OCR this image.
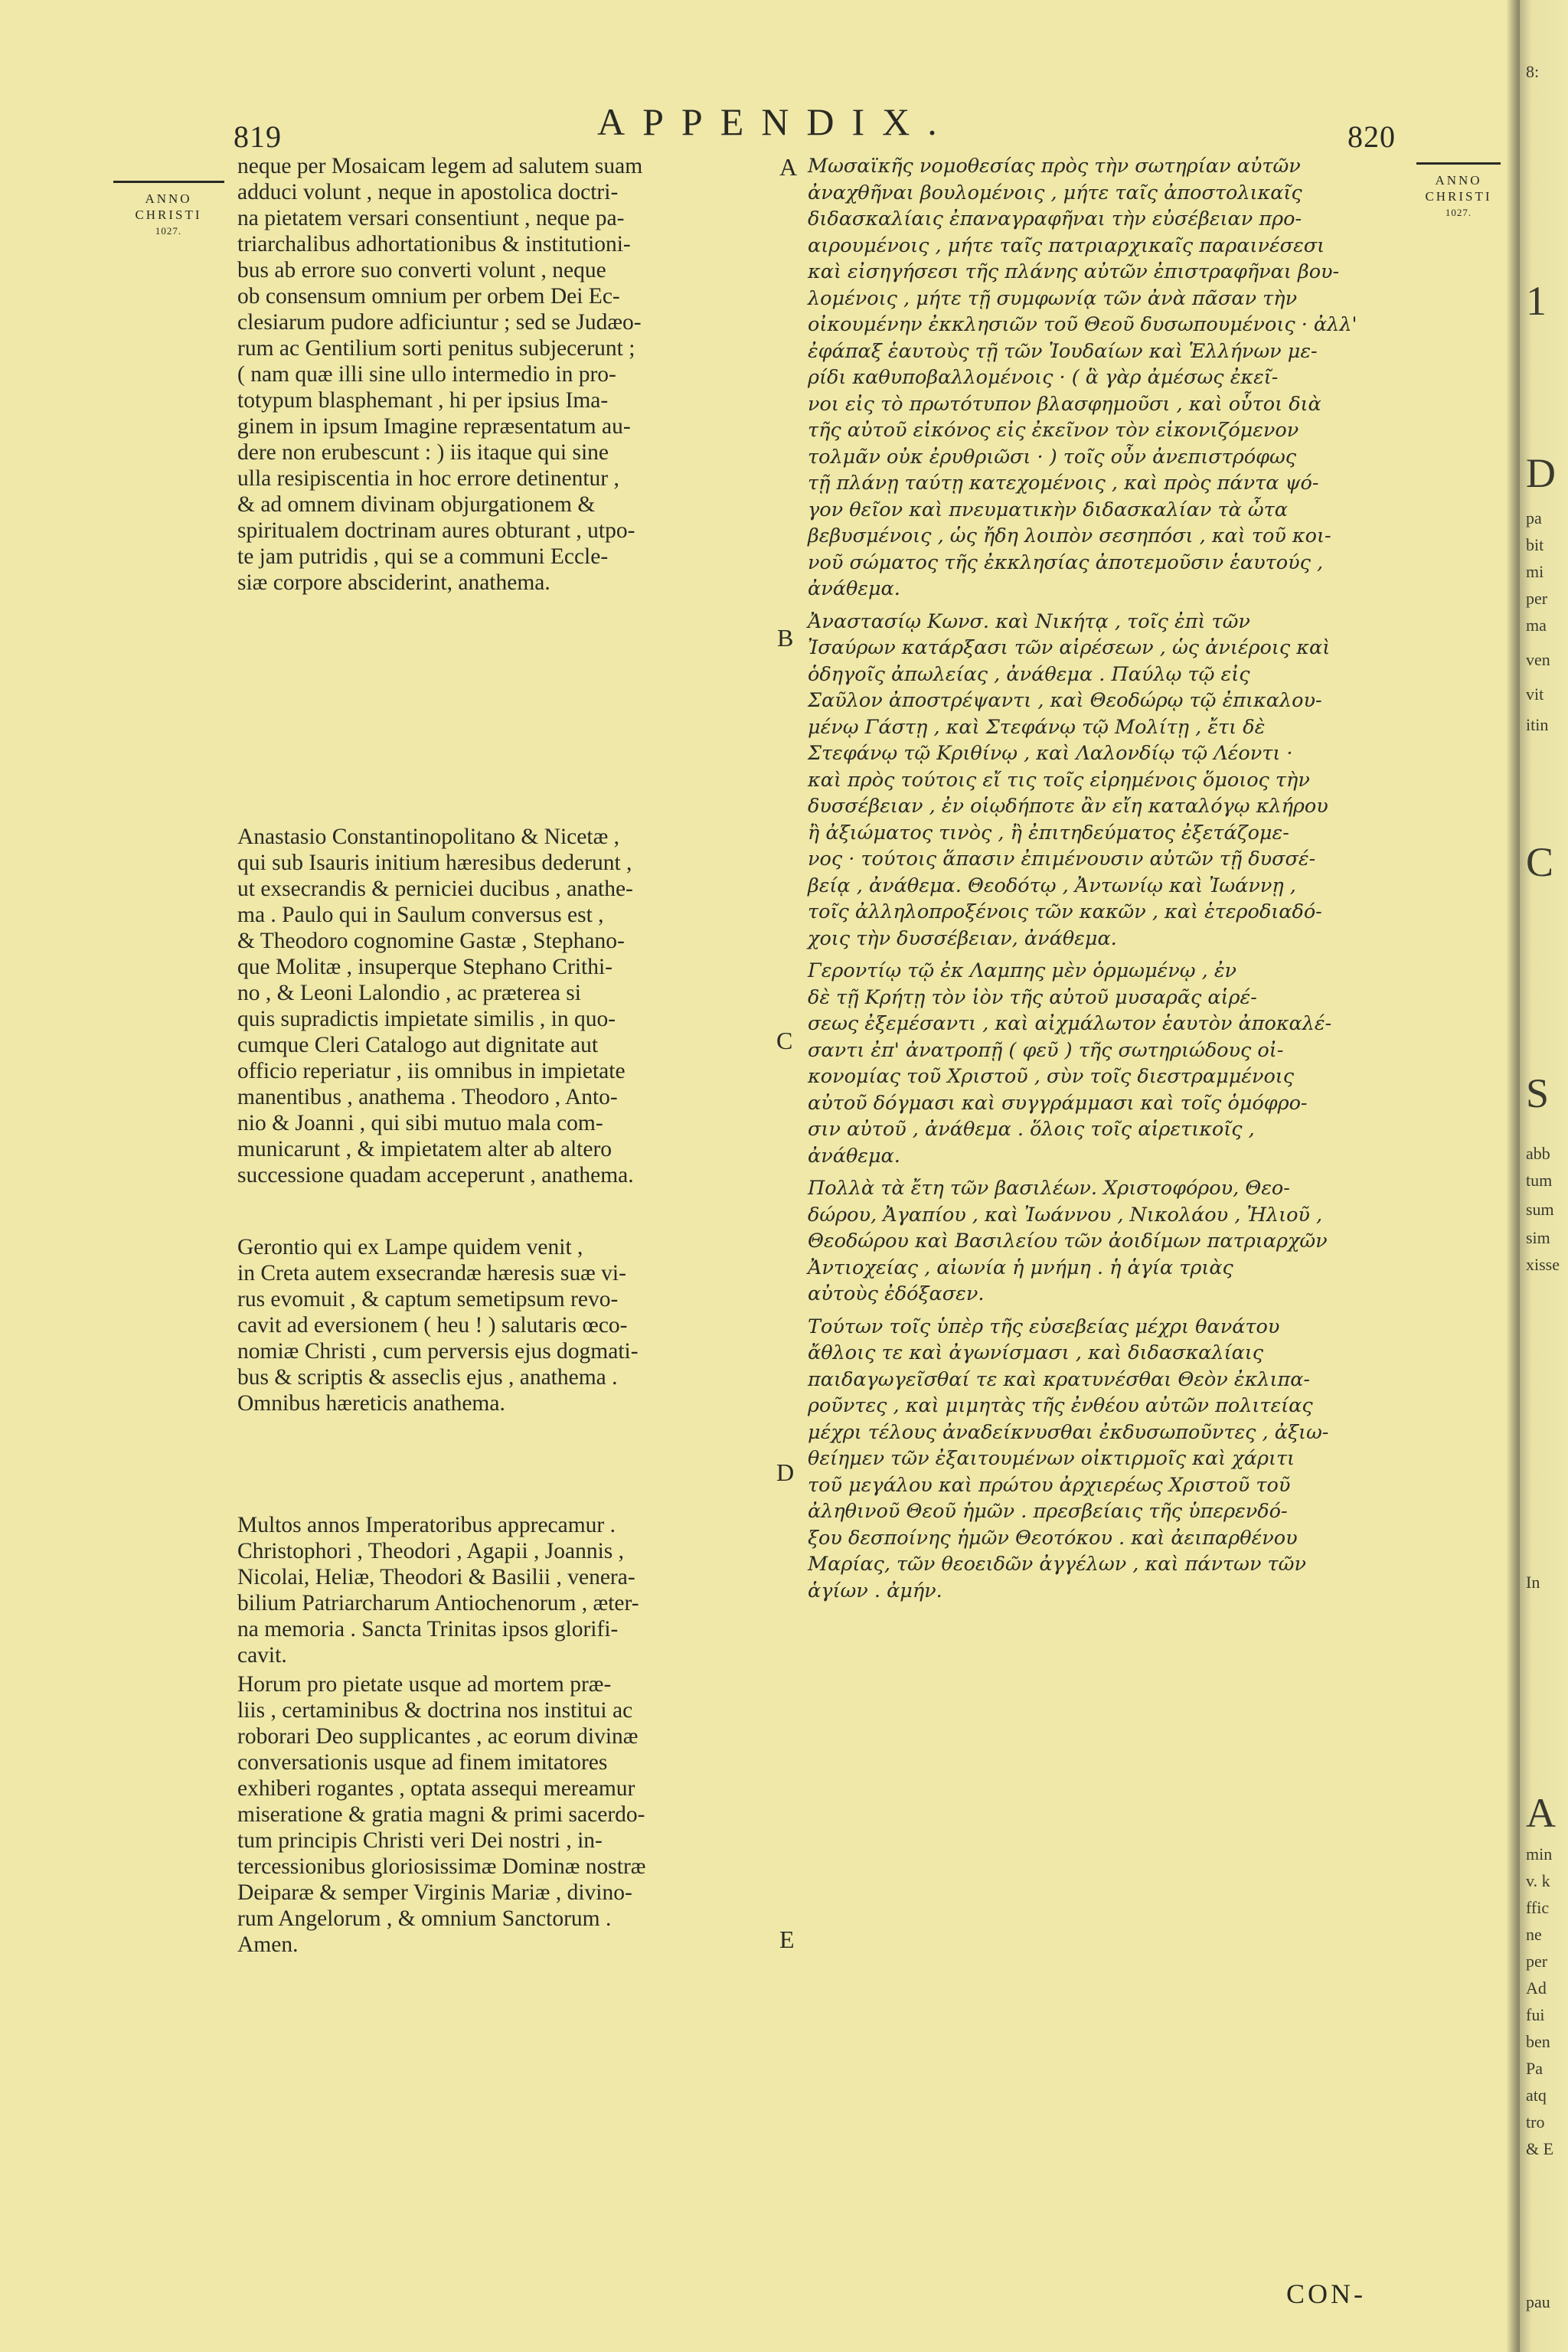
8:
1
D
pa
bit
mi
per
ma
ven
vit
itin
C
S
abb
tum
sum
sim
xisse
In
A
min
v. k
ffic
ne
per
Ad
fui
ben
Pa
atq
tro
& E
pau
819	APPENDIX.	820
ANNO
CHRISTI
1027.
ANNO
CHRISTI
1027.
A
B
C
D
E
neque per Mosaicam legem ad salutem suam
adduci volunt , neque in apostolica doctri-
na pietatem versari consentiunt , neque pa-
triarchalibus adhortationibus & institutioni-
bus ab errore suo converti volunt , neque
ob consensum omnium per orbem Dei Ec-
clesiarum pudore adficiuntur ; sed se Judæo-
rum ac Gentilium sorti penitus subjecerunt ;
( nam quæ illi sine ullo intermedio in pro-
totypum blasphemant , hi per ipsius Ima-
ginem in ipsum Imagine repræsentatum au-
dere non erubescunt : ) iis itaque qui sine
ulla resipiscentia in hoc errore detinentur ,
& ad omnem divinam objurgationem &
spiritualem doctrinam aures obturant , utpo-
te jam putridis , qui se a communi Eccle-
siæ corpore absciderint, anathema.
Anastasio Constantinopolitano & Nicetæ ,
qui sub Isauris initium hæresibus dederunt ,
ut exsecrandis & perniciei ducibus , anathe-
ma . Paulo qui in Saulum conversus est ,
& Theodoro cognomine Gastæ , Stephano-
que Molitæ , insuperque Stephano Crithi-
no , & Leoni Lalondio , ac præterea si
quis supradictis impietate similis , in quo-
cumque Cleri Catalogo aut dignitate aut
officio reperiatur , iis omnibus in impietate
manentibus , anathema . Theodoro , Anto-
nio & Joanni , qui sibi mutuo mala com-
municarunt , & impietatem alter ab altero
successione quadam acceperunt , anathema.
Gerontio qui ex Lampe quidem venit ,
in Creta autem exsecrandæ hæresis suæ vi-
rus evomuit , & captum semetipsum revo-
cavit ad eversionem ( heu ! ) salutaris œco-
nomiæ Christi , cum perversis ejus dogmati-
bus & scriptis & asseclis ejus , anathema .
Omnibus hæreticis anathema.
Multos annos Imperatoribus apprecamur .
Christophori , Theodori , Agapii , Joannis ,
Nicolai, Heliæ, Theodori & Basilii , venera-
bilium Patriarcharum Antiochenorum , æter-
na memoria . Sancta Trinitas ipsos glorifi-
cavit.
Horum pro pietate usque ad mortem præ-
liis , certaminibus & doctrina nos institui ac
roborari Deo supplicantes , ac eorum divinæ
conversationis usque ad finem imitatores
exhiberi rogantes , optata assequi mereamur
miseratione & gratia magni & primi sacerdo-
tum principis Christi veri Dei nostri , in-
tercessionibus gloriosissimæ Dominæ nostræ
Deiparæ & semper Virginis Mariæ , divino-
rum Angelorum , & omnium Sanctorum .
Amen.
Μωσαϊκῆς νομοθεσίας πρὸς τὴν σωτηρίαν αὐτῶν
ἀναχθῆναι βουλομένοις , μήτε ταῖς ἀποστολικαῖς
διδασκαλίαις ἐπαναγραφῆναι τὴν εὐσέβειαν προ-
αιρουμένοις , μήτε ταῖς πατριαρχικαῖς παραινέσεσι
καὶ εἰσηγήσεσι τῆς πλάνης αὐτῶν ἐπιστραφῆναι βου-
λομένοις , μήτε τῇ συμφωνίᾳ τῶν ἀνὰ πᾶσαν τὴν
οἰκουμένην ἐκκλησιῶν τοῦ Θεοῦ δυσωπουμένοις · ἀλλ'
ἐφάπαξ ἑαυτοὺς τῇ τῶν Ἰουδαίων καὶ Ἑλλήνων με-
ρίδι καθυποβαλλομένοις · ( ἃ γὰρ ἀμέσως ἐκεῖ-
νοι εἰς τὸ πρωτότυπον βλασφημοῦσι , καὶ οὗτοι διὰ
τῆς αὐτοῦ εἰκόνος εἰς ἐκεῖνον τὸν εἰκονιζόμενον
τολμᾶν οὐκ ἐρυθριῶσι · ) τοῖς οὖν ἀνεπιστρόφως
τῇ πλάνῃ ταύτῃ κατεχομένοις , καὶ πρὸς πάντα ψό-
γον θεῖον καὶ πνευματικὴν διδασκαλίαν τὰ ὦτα
βεβυσμένοις , ὡς ἤδη λοιπὸν σεσηπόσι , καὶ τοῦ κοι-
νοῦ σώματος τῆς ἐκκλησίας ἀποτεμοῦσιν ἑαυτούς ,
ἀνάθεμα.
Ἀναστασίῳ Κωνσ. καὶ Νικήτᾳ , τοῖς ἐπὶ τῶν
Ἰσαύρων κατάρξασι τῶν αἱρέσεων , ὡς ἀνιέροις καὶ
ὁδηγοῖς ἀπωλείας , ἀνάθεμα . Παύλῳ τῷ εἰς
Σαῦλον ἀποστρέψαντι , καὶ Θεοδώρῳ τῷ ἐπικαλου-
μένῳ Γάστῃ , καὶ Στεφάνῳ τῷ Μολίτῃ , ἔτι δὲ
Στεφάνῳ τῷ Κριθίνῳ , καὶ Λαλονδίῳ τῷ Λέοντι ·
καὶ πρὸς τούτοις εἴ τις τοῖς εἰρημένοις ὅμοιος τὴν
δυσσέβειαν , ἐν οἱῳδήποτε ἂν εἴη καταλόγῳ κλήρου
ἢ ἀξιώματος τινὸς , ἢ ἐπιτηδεύματος ἐξετάζομε-
νος · τούτοις ἅπασιν ἐπιμένουσιν αὐτῶν τῇ δυσσέ-
βείᾳ , ἀνάθεμα. Θεοδότῳ , Ἀντωνίῳ καὶ Ἰωάννῃ ,
τοῖς ἀλληλοπροξένοις τῶν κακῶν , καὶ ἑτεροδιαδό-
χοις τὴν δυσσέβειαν, ἀνάθεμα.
Γεροντίῳ τῷ ἐκ Λαμπης μὲν ὁρμωμένῳ , ἐν
δὲ τῇ Κρήτῃ τὸν ἰὸν τῆς αὐτοῦ μυσαρᾶς αἱρέ-
σεως ἐξεμέσαντι , καὶ αἰχμάλωτον ἑαυτὸν ἀποκαλέ-
σαντι ἐπ' ἀνατροπῇ ( φεῦ ) τῆς σωτηριώδους οἰ-
κονομίας τοῦ Χριστοῦ , σὺν τοῖς διεστραμμένοις
αὐτοῦ δόγμασι καὶ συγγράμμασι καὶ τοῖς ὁμόφρο-
σιν αὐτοῦ , ἀνάθεμα . ὅλοις τοῖς αἱρετικοῖς ,
ἀνάθεμα.
Πολλὰ τὰ ἔτη τῶν βασιλέων. Χριστοφόρου, Θεο-
δώρου, Ἀγαπίου , καὶ Ἰωάννου , Νικολάου , Ἠλιοῦ ,
Θεοδώρου καὶ Βασιλείου τῶν ἀοιδίμων πατριαρχῶν
Ἀντιοχείας , αἰωνία ἡ μνήμη . ἡ ἁγία τριὰς
αὐτοὺς ἐδόξασεν.
Τούτων τοῖς ὑπὲρ τῆς εὐσεβείας μέχρι θανάτου
ἄθλοις τε καὶ ἀγωνίσμασι , καὶ διδασκαλίαις
παιδαγωγεῖσθαί τε καὶ κρατυνέσθαι Θεὸν ἐκλιπα-
ροῦντες , καὶ μιμητὰς τῆς ἐνθέου αὐτῶν πολιτείας
μέχρι τέλους ἀναδείκνυσθαι ἐκδυσωποῦντες , ἀξιω-
θείημεν τῶν ἐξαιτουμένων οἰκτιρμοῖς καὶ χάριτι
τοῦ μεγάλου καὶ πρώτου ἀρχιερέως Χριστοῦ τοῦ
ἀληθινοῦ Θεοῦ ἡμῶν . πρεσβείαις τῆς ὑπερενδό-
ξου δεσποίνης ἡμῶν Θεοτόκου . καὶ ἀειπαρθένου
Μαρίας, τῶν θεοειδῶν ἀγγέλων , καὶ πάντων τῶν
ἁγίων . ἀμήν.
CON-
